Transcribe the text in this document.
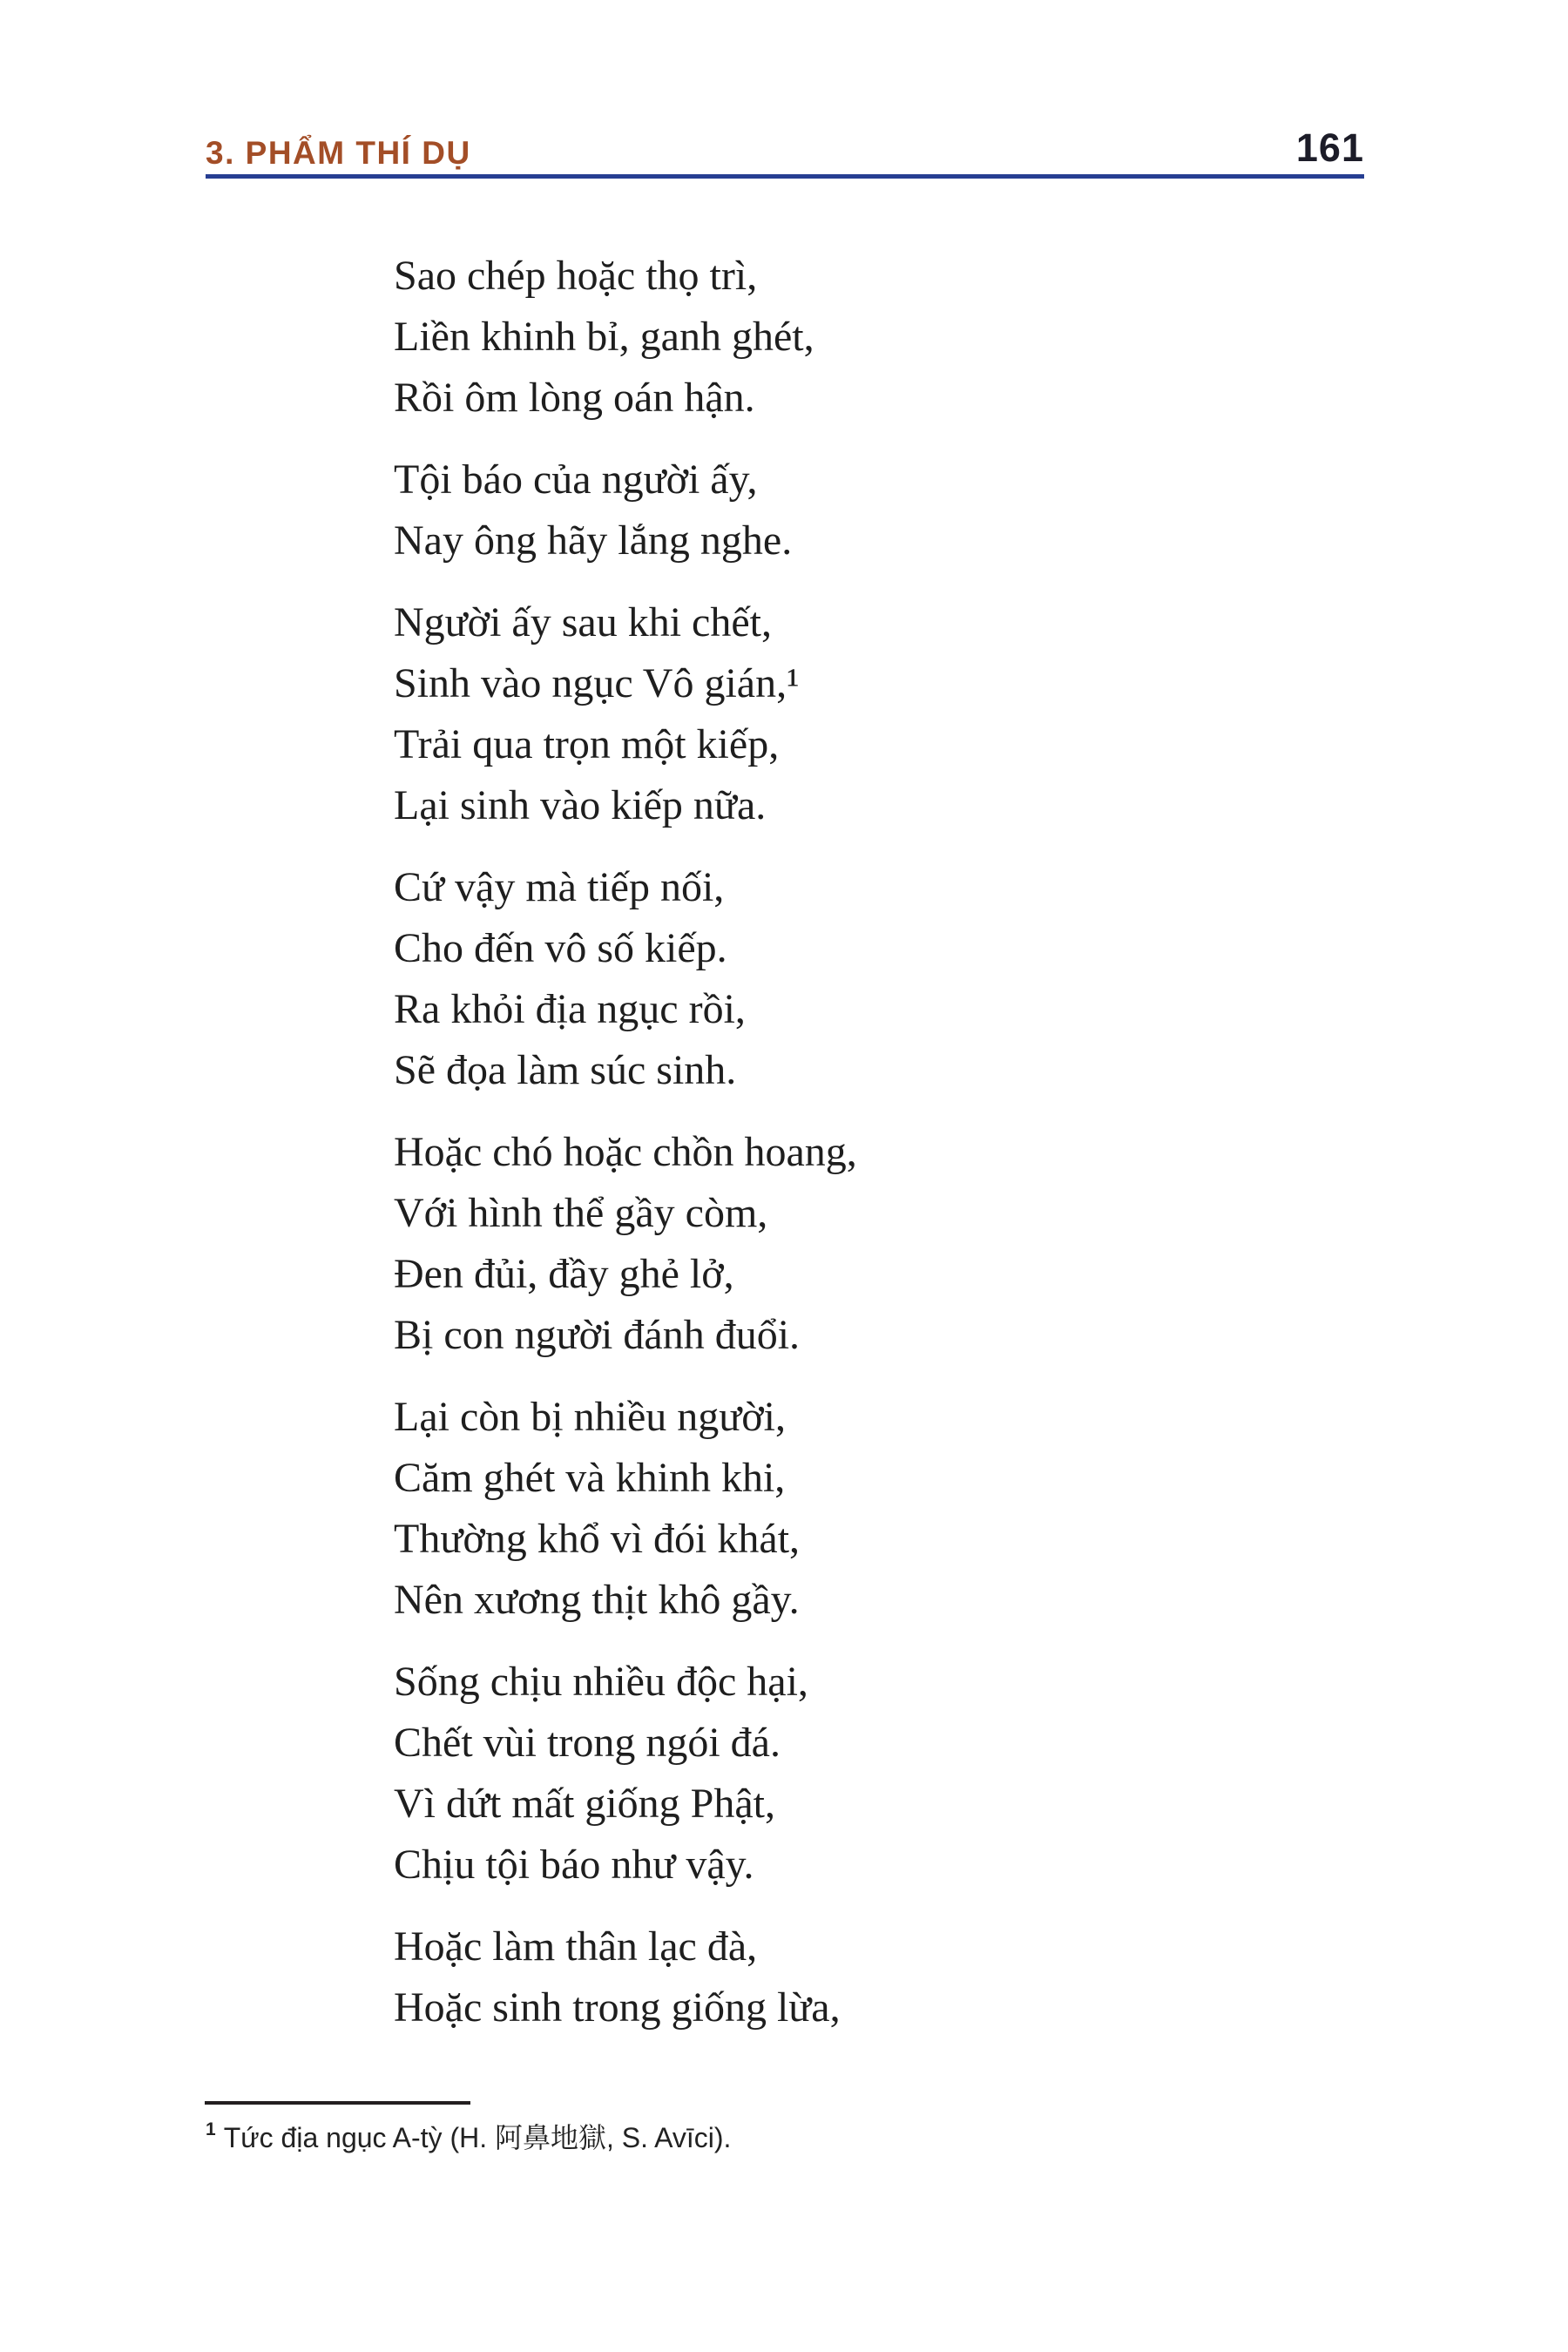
3. PHẨM THÍ DỤ	161
Sao chép hoặc thọ trì,
Liền khinh bỉ, ganh ghét,
Rồi ôm lòng oán hận.
Tội báo của người ấy,
Nay ông hãy lắng nghe.
Người ấy sau khi chết,
Sinh vào ngục Vô gián,¹
Trải qua trọn một kiếp,
Lại sinh vào kiếp nữa.
Cứ vậy mà tiếp nối,
Cho đến vô số kiếp.
Ra khỏi địa ngục rồi,
Sẽ đọa làm súc sinh.
Hoặc chó hoặc chồn hoang,
Với hình thể gầy còm,
Đen đủi, đầy ghẻ lở,
Bị con người đánh đuổi.
Lại còn bị nhiều người,
Căm ghét và khinh khi,
Thường khổ vì đói khát,
Nên xương thịt khô gầy.
Sống chịu nhiều độc hại,
Chết vùi trong ngói đá.
Vì dứt mất giống Phật,
Chịu tội báo như vậy.
Hoặc làm thân lạc đà,
Hoặc sinh trong giống lừa,
$^1$ Tức địa ngục A-tỳ (H. 阿鼻地獄, S. Avīci).
